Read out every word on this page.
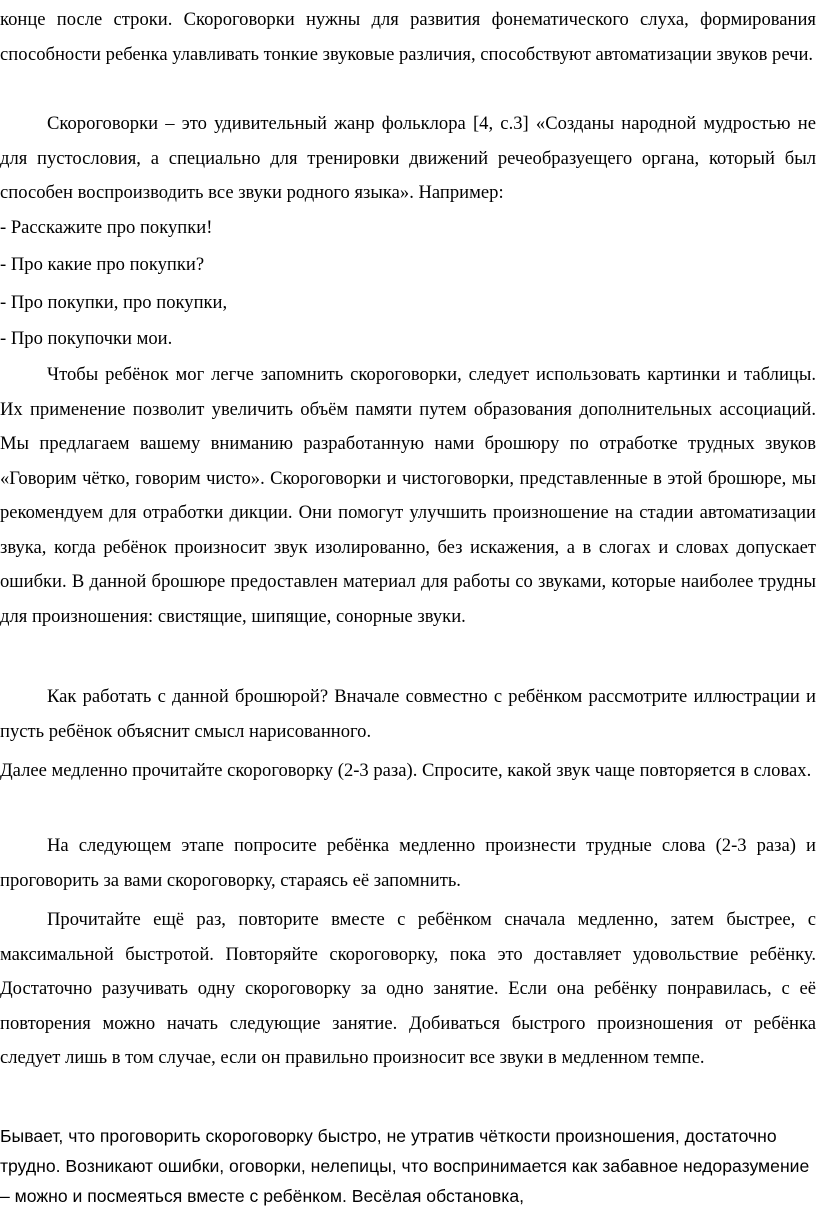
конце после строки. Скороговорки нужны для развития фонематического слуха, формирования способности ребенка улавливать тонкие звуковые различия, способствуют автоматизации звуков речи.

Скороговорки – это удивительный жанр фольклора [4, с.3] «Созданы народной мудростью не для пустословия, а специально для тренировки движений речеобразуещего органа, который был способен воспроизводить все звуки родного языка». Например:

- Расскажите про покупки!

- Про какие про покупки?

- Про покупки, про покупки,

- Про покупочки мои.

Чтобы ребёнок мог легче запомнить скороговорки, следует использовать картинки и таблицы. Их применение позволит увеличить объём памяти путем образования дополнительных ассоциаций. Мы предлагаем вашему вниманию разработанную нами брошюру по отработке трудных звуков «Говорим чётко, говорим чисто». Скороговорки и чистоговорки, представленные в этой брошюре, мы рекомендуем для отработки дикции. Они помогут улучшить произношение на стадии автоматизации звука, когда ребёнок произносит звук изолированно, без искажения, а в слогах и словах допускает ошибки. В данной брошюре предоставлен материал для работы со звуками, которые наиболее трудны для произношения: свистящие, шипящие, сонорные звуки.

Как работать с данной брошюрой? Вначале совместно с ребёнком рассмотрите иллюстрации и пусть ребёнок объяснит смысл нарисованного.

Далее медленно прочитайте скороговорку (2-3 раза). Спросите, какой звук чаще повторяется в словах.

На следующем этапе попросите ребёнка медленно произнести трудные слова (2-3 раза) и проговорить за вами скороговорку, стараясь её запомнить.

Прочитайте ещё раз, повторите вместе с ребёнком сначала медленно, затем быстрее, с максимальной быстротой. Повторяйте скороговорку, пока это доставляет удовольствие ребёнку. Достаточно разучивать одну скороговорку за одно занятие. Если она ребёнку понравилась, с её повторения можно начать следующие занятие. Добиваться быстрого произношения от ребёнка следует лишь в том случае, если он правильно произносит все звуки в медленном темпе.

Бывает, что проговорить скороговорку быстро, не утратив чёткости произношения, достаточно трудно. Возникают ошибки, оговорки, нелепицы, что воспринимается как забавное недоразумение – можно и посмеяться вместе с ребёнком. Весёлая обстановка,
